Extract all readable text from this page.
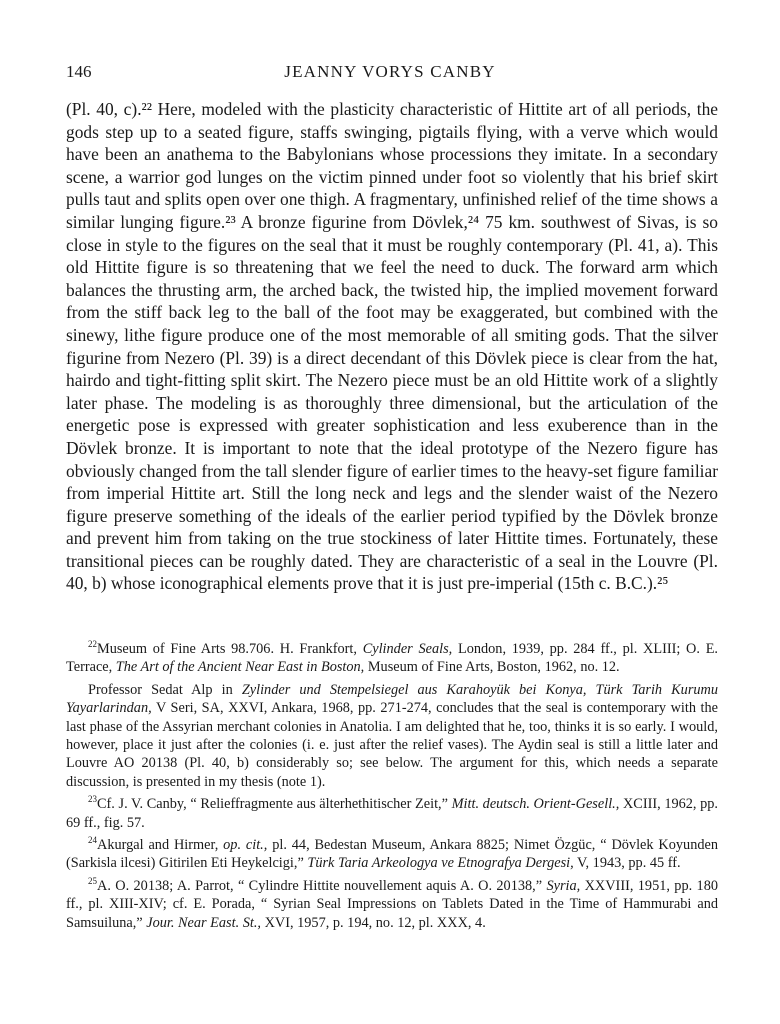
146	JEANNY VORYS CANBY

(Pl. 40, c).²² Here, modeled with the plasticity characteristic of Hittite art of all periods, the gods step up to a seated figure, staffs swinging, pigtails flying, with a verve which would have been an anathema to the Babylonians whose processions they imitate. In a secondary scene, a warrior god lunges on the victim pinned under foot so violently that his brief skirt pulls taut and splits open over one thigh. A fragmentary, unfinished relief of the time shows a similar lunging figure.²³ A bronze figurine from Dövlek,²⁴ 75 km. southwest of Sivas, is so close in style to the figures on the seal that it must be roughly contemporary (Pl. 41, a). This old Hittite figure is so threatening that we feel the need to duck. The forward arm which balances the thrusting arm, the arched back, the twisted hip, the implied movement forward from the stiff back leg to the ball of the foot may be exaggerated, but combined with the sinewy, lithe figure produce one of the most memorable of all smiting gods. That the silver figurine from Nezero (Pl. 39) is a direct decendant of this Dövlek piece is clear from the hat, hairdo and tight-fitting split skirt. The Nezero piece must be an old Hittite work of a slightly later phase. The modeling is as thoroughly three dimensional, but the articulation of the energetic pose is expressed with greater sophistication and less exuberence than in the Dövlek bronze. It is important to note that the ideal prototype of the Nezero figure has obviously changed from the tall slender figure of earlier times to the heavy-set figure familiar from imperial Hittite art. Still the long neck and legs and the slender waist of the Nezero figure preserve something of the ideals of the earlier period typified by the Dövlek bronze and prevent him from taking on the true stockiness of later Hittite times. Fortunately, these transitional pieces can be roughly dated. They are characteristic of a seal in the Louvre (Pl. 40, b) whose iconographical elements prove that it is just pre-imperial (15th c. B.C.).²⁵

$^{22}$Museum of Fine Arts 98.706. H. Frankfort, Cylinder Seals, London, 1939, pp. 284 ff., pl. XLIII; O. E. Terrace, The Art of the Ancient Near East in Boston, Museum of Fine Arts, Boston, 1962, no. 12.

Professor Sedat Alp in Zylinder und Stempelsiegel aus Karahoyük bei Konya, Türk Tarih Kurumu Yayarlarindan, V Seri, SA, XXVI, Ankara, 1968, pp. 271-274, concludes that the seal is contemporary with the last phase of the Assyrian merchant colonies in Anatolia. I am delighted that he, too, thinks it is so early. I would, however, place it just after the colonies (i. e. just after the relief vases). The Aydin seal is still a little later and Louvre AO 20138 (Pl. 40, b) considerably so; see below. The argument for this, which needs a separate discussion, is presented in my thesis (note 1).

$^{23}$Cf. J. V. Canby, “ Relieffragmente aus älterhethitischer Zeit,” Mitt. deutsch. Orient-Gesell., XCIII, 1962, pp. 69 ff., fig. 57.

$^{24}$Akurgal and Hirmer, op. cit., pl. 44, Bedestan Museum, Ankara 8825; Nimet Özgüc, “ Dövlek Koyunden (Sarkisla ilcesi) Gitirilen Eti Heykelcigi,” Türk Taria Arkeologya ve Etnografya Dergesi, V, 1943, pp. 45 ff.

$^{25}$A. O. 20138; A. Parrot, “ Cylindre Hittite nouvellement aquis A. O. 20138,” Syria, XXVIII, 1951, pp. 180 ff., pl. XIII-XIV; cf. E. Porada, “ Syrian Seal Impressions on Tablets Dated in the Time of Hammurabi and Samsuiluna,” Jour. Near East. St., XVI, 1957, p. 194, no. 12, pl. XXX, 4.
